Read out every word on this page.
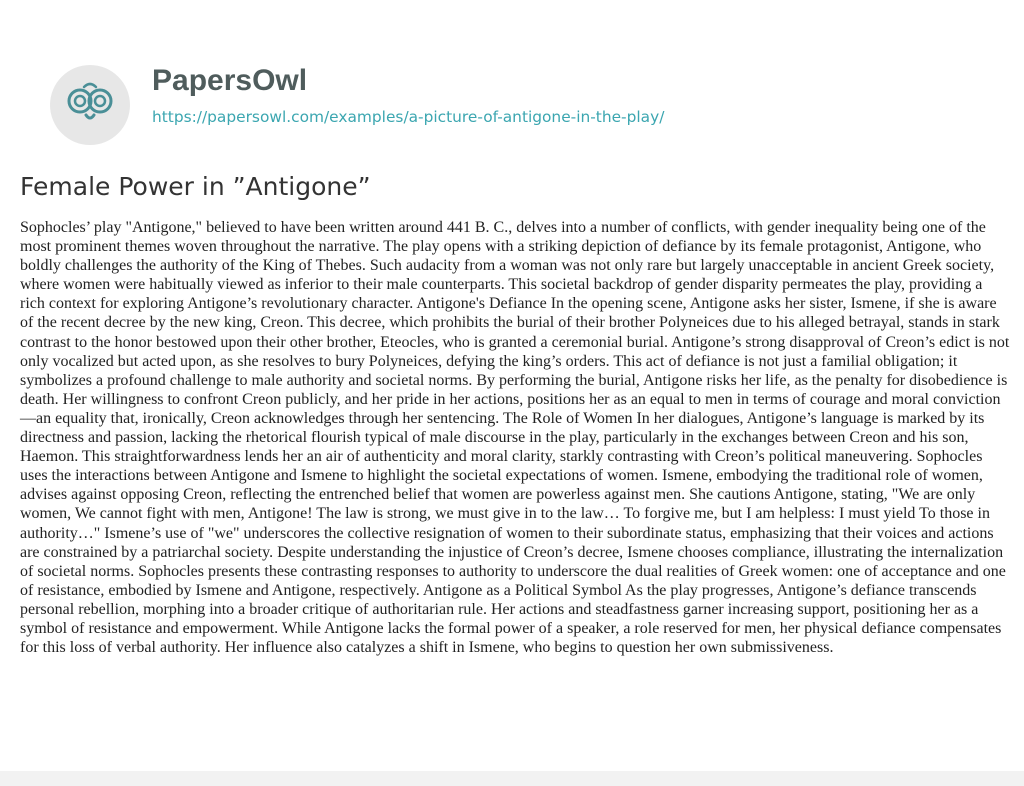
PapersOwl
https://papersowl.com/examples/a-picture-of-antigone-in-the-play/
Female Power in ”Antigone”

Sophocles’ play "Antigone," believed to have been written around 441 B. C., delves into a number of conflicts, with gender inequality being one of the most prominent themes woven throughout the narrative. The play opens with a striking depiction of defiance by its female protagonist, Antigone, who boldly challenges the authority of the King of Thebes. Such audacity from a woman was not only rare but largely unacceptable in ancient Greek society, where women were habitually viewed as inferior to their male counterparts. This societal backdrop of gender disparity permeates the play, providing a rich context for exploring Antigone’s revolutionary character. Antigone's Defiance In the opening scene, Antigone asks her sister, Ismene, if she is aware of the recent decree by the new king, Creon. This decree, which prohibits the burial of their brother Polyneices due to his alleged betrayal, stands in stark contrast to the honor bestowed upon their other brother, Eteocles, who is granted a ceremonial burial. Antigone’s strong disapproval of Creon’s edict is not only vocalized but acted upon, as she resolves to bury Polyneices, defying the king’s orders. This act of defiance is not just a familial obligation; it symbolizes a profound challenge to male authority and societal norms. By performing the burial, Antigone risks her life, as the penalty for disobedience is death. Her willingness to confront Creon publicly, and her pride in her actions, positions her as an equal to men in terms of courage and moral conviction—an equality that, ironically, Creon acknowledges through her sentencing. The Role of Women In her dialogues, Antigone’s language is marked by its directness and passion, lacking the rhetorical flourish typical of male discourse in the play, particularly in the exchanges between Creon and his son, Haemon. This straightforwardness lends her an air of authenticity and moral clarity, starkly contrasting with Creon’s political maneuvering. Sophocles uses the interactions between Antigone and Ismene to highlight the societal expectations of women. Ismene, embodying the traditional role of women, advises against opposing Creon, reflecting the entrenched belief that women are powerless against men. She cautions Antigone, stating, "We are only women, We cannot fight with men, Antigone! The law is strong, we must give in to the law… To forgive me, but I am helpless: I must yield To those in authority…" Ismene’s use of "we" underscores the collective resignation of women to their subordinate status, emphasizing that their voices and actions are constrained by a patriarchal society. Despite understanding the injustice of Creon’s decree, Ismene chooses compliance, illustrating the internalization of societal norms. Sophocles presents these contrasting responses to authority to underscore the dual realities of Greek women: one of acceptance and one of resistance, embodied by Ismene and Antigone, respectively. Antigone as a Political Symbol As the play progresses, Antigone’s defiance transcends personal rebellion, morphing into a broader critique of authoritarian rule. Her actions and steadfastness garner increasing support, positioning her as a symbol of resistance and empowerment. While Antigone lacks the formal power of a speaker, a role reserved for men, her physical defiance compensates for this loss of verbal authority. Her influence also catalyzes a shift in Ismene, who begins to question her own submissiveness.
